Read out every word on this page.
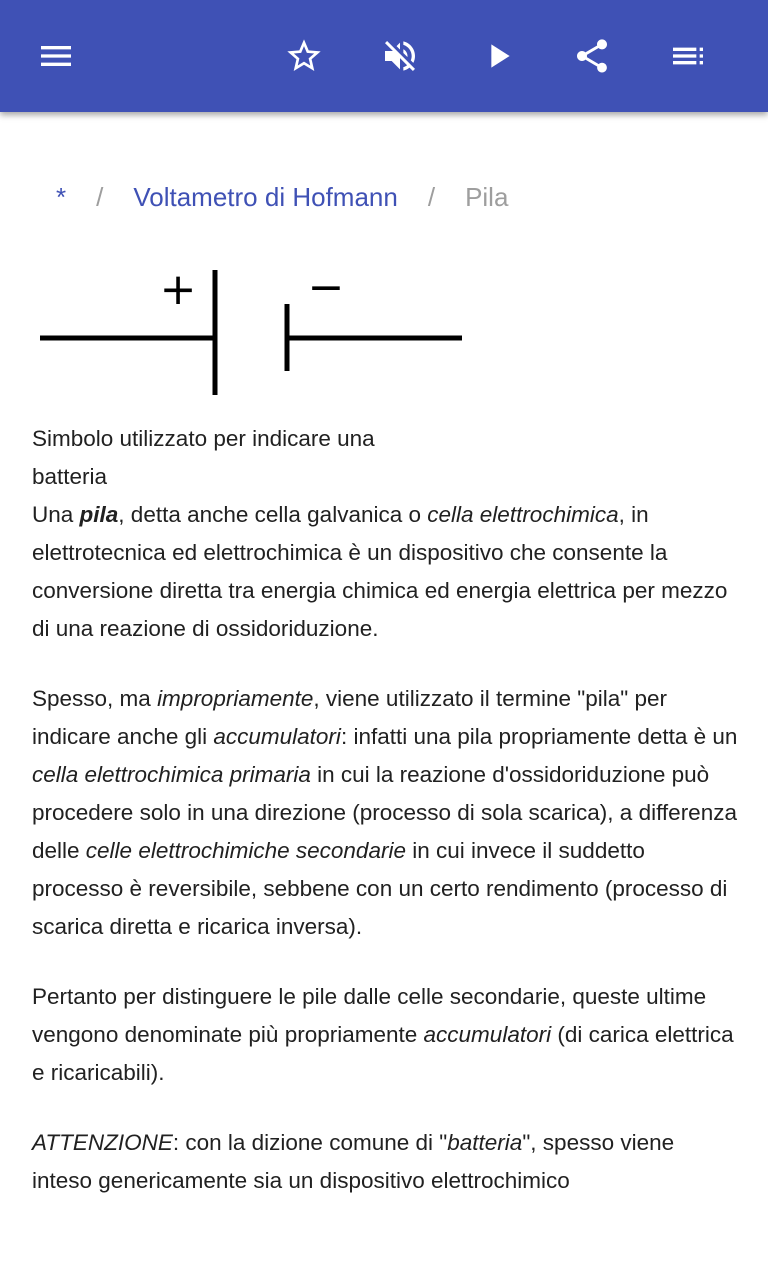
* / Voltametro di Hofmann / Pila
+	−
Simbolo utilizzato per indicare una batteria

Una pila, detta anche cella galvanica o cella elettrochimica, in elettrotecnica ed elettrochimica è un dispositivo che consente la conversione diretta tra energia chimica ed energia elettrica per mezzo di una reazione di ossidoriduzione.

Spesso, ma impropriamente, viene utilizzato il termine "pila" per indicare anche gli accumulatori: infatti una pila propriamente detta è un cella elettrochimica primaria in cui la reazione d'ossidoriduzione può procedere solo in una direzione (processo di sola scarica), a differenza delle celle elettrochimiche secondarie in cui invece il suddetto processo è reversibile, sebbene con un certo rendimento (processo di scarica diretta e ricarica inversa).

Pertanto per distinguere le pile dalle celle secondarie, queste ultime vengono denominate più propriamente accumulatori (di carica elettrica e ricaricabili).

ATTENZIONE: con la dizione comune di "batteria", spesso viene inteso genericamente sia un dispositivo elettrochimico
